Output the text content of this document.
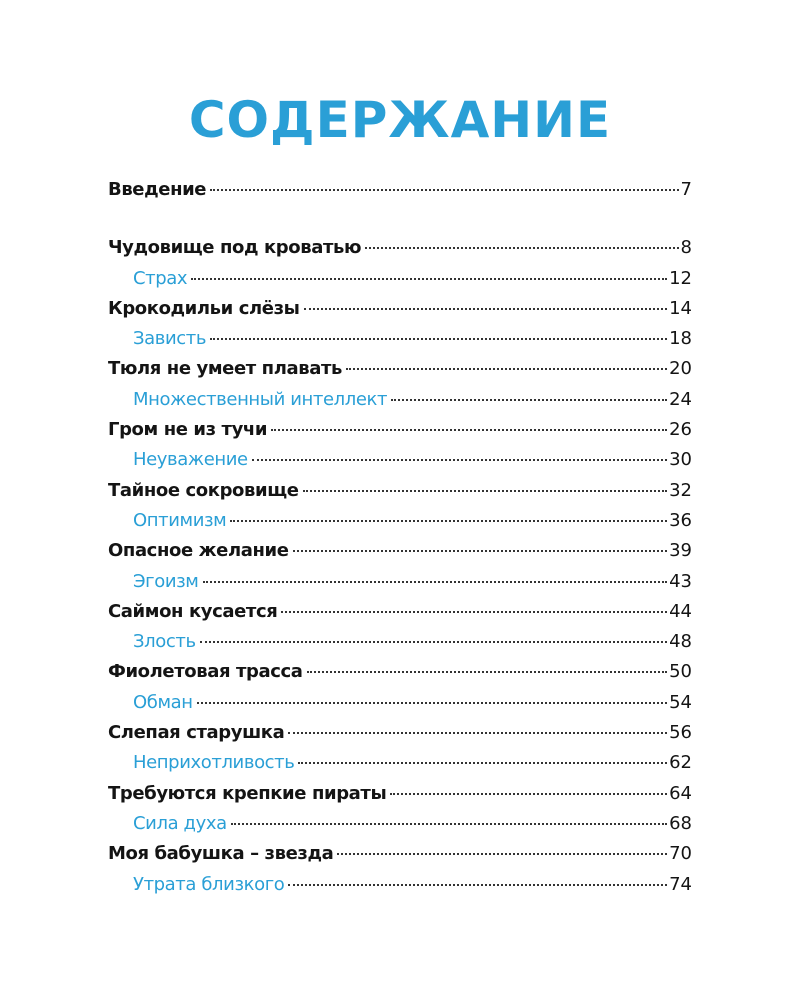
СОДЕРЖАНИЕ
Введение	7
Чудовище под кроватью	8
Страх	12
Крокодильи слёзы	14
Зависть	18
Тюля не умеет плавать	20
Множественный интеллект	24
Гром не из тучи	26
Неуважение	30
Тайное сокровище	32
Оптимизм	36
Опасное желание	39
Эгоизм	43
Саймон кусается	44
Злость	48
Фиолетовая трасса	50
Обман	54
Слепая старушка	56
Неприхотливость	62
Требуются крепкие пираты	64
Сила духа	68
Моя бабушка – звезда	70
Утрата близкого	74
